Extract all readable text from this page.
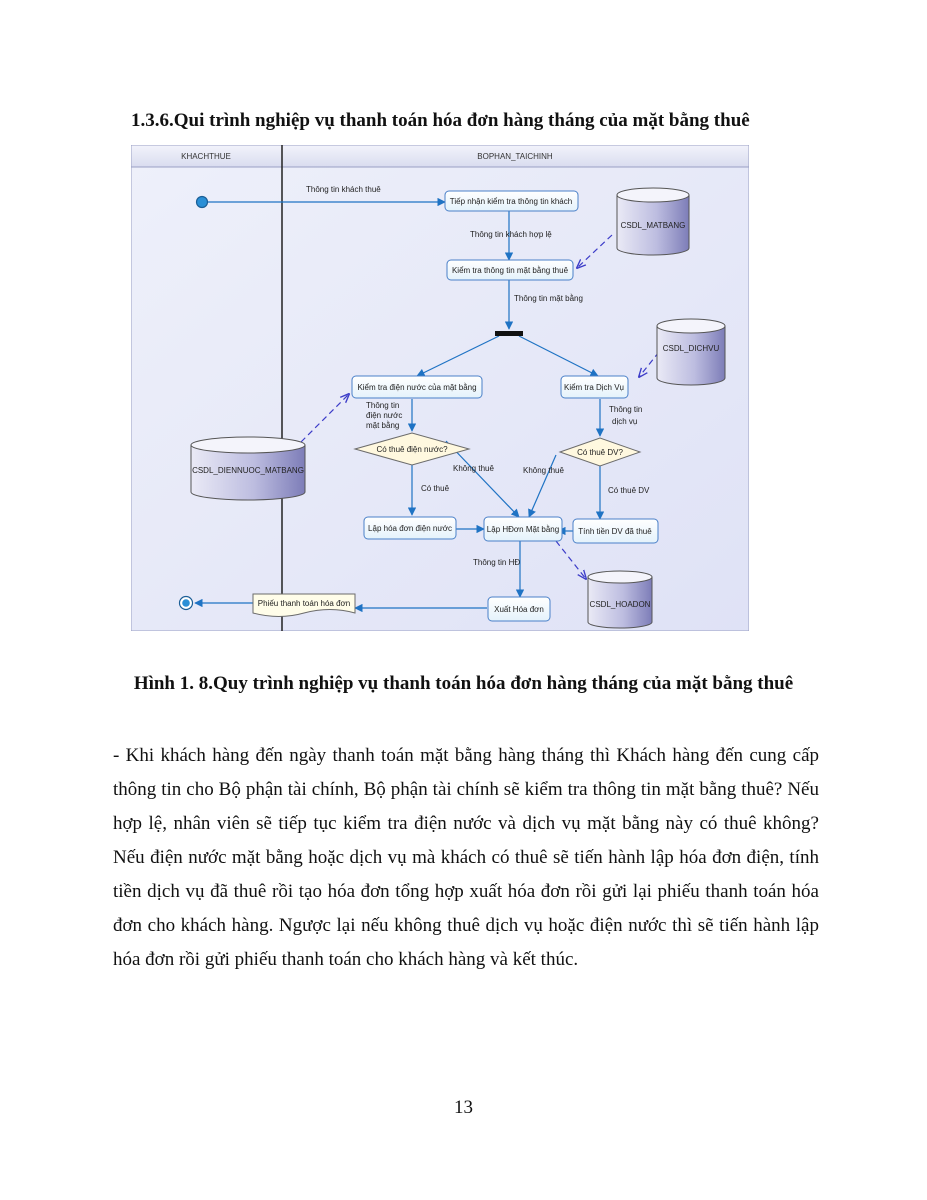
1.3.6.Qui trình nghiệp vụ thanh toán hóa đơn hàng tháng của mặt bằng thuê
KHACHTHUE	BOPHAN_TAICHINH
Tiếp nhận kiểm tra thông tin khách
Kiểm tra thông tin mặt bằng thuê
Kiểm tra điện nước của mặt bằng	Kiểm tra Dịch Vụ
Lập hóa đơn điện nước	Lập HĐơn Mặt bằng Tính tiền DV đã thuê
Xuất Hóa đơn
Có thuê điện nước?	Có thuê DV?
CSDL_MATBANG
CSDL_DICHVU
CSDL_DIENNUOC_MATBANG
CSDL_HOADON
Phiếu thanh toán hóa đơn
Thông tin khách thuê
Thông tin khách hợp lệ
Thông tin mặt bằng
Thông tin
điện nước
mặt bằng
Thông tin
dịch vụ
Không thuê	Không thuê
Có thuê	Có thuê DV
Thông tin HĐ
Hình 1. 8.Quy trình nghiệp vụ thanh toán hóa đơn hàng tháng của mặt bằng thuê

- Khi khách hàng đến ngày thanh toán mặt bằng hàng tháng thì Khách hàng đến cung cấp thông tin cho Bộ phận tài chính, Bộ phận tài chính sẽ kiểm tra thông tin mặt bằng thuê? Nếu hợp lệ, nhân viên sẽ tiếp tục kiểm tra điện nước và dịch vụ mặt bằng này có thuê không? Nếu điện nước mặt bằng hoặc dịch vụ mà khách có thuê sẽ tiến hành lập hóa đơn điện, tính tiền dịch vụ đã thuê rồi tạo hóa đơn tổng hợp xuất hóa đơn rồi gửi lại phiếu thanh toán hóa đơn cho khách hàng. Ngược lại nếu không thuê dịch vụ hoặc điện nước thì sẽ tiến hành lập hóa đơn rồi gửi phiếu thanh toán cho khách hàng và kết thúc.

13
